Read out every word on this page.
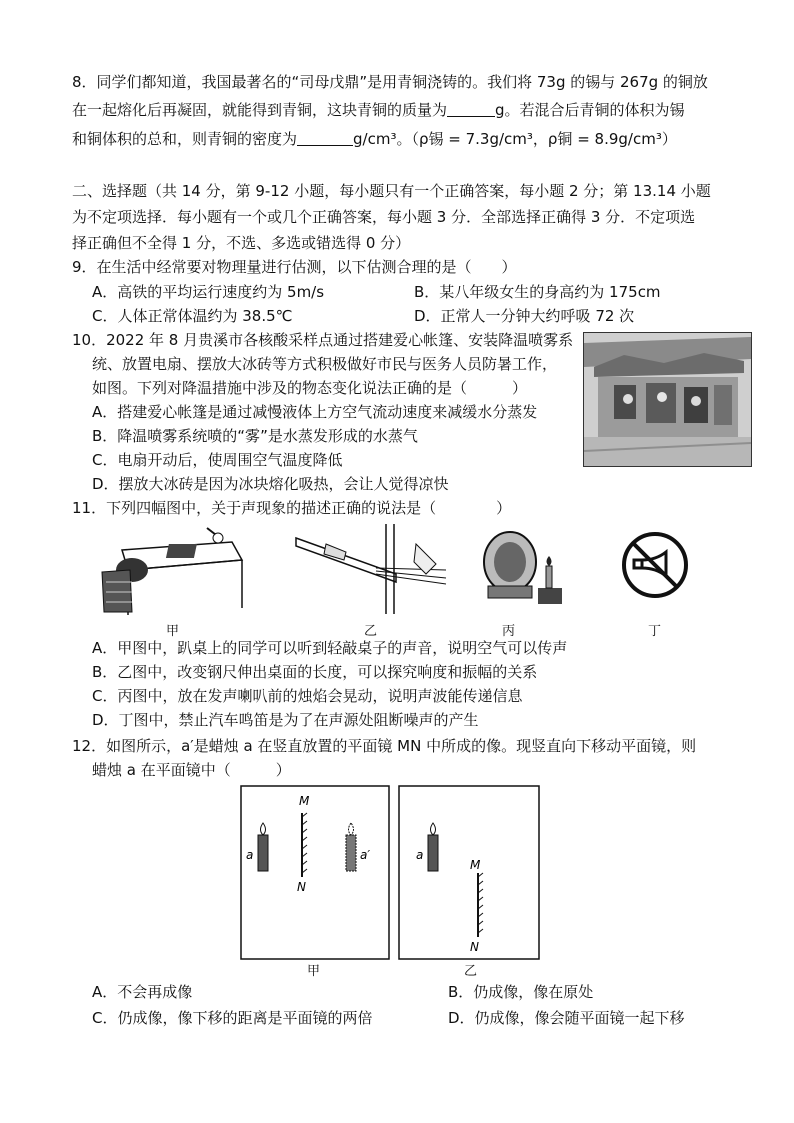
8．同学们都知道，我国最著名的“司母戊鼎”是用青铜浇铸的。我们将 73g 的锡与 267g 的铜放
在一起熔化后再凝固，就能得到青铜，这块青铜的质量为	g。若混合后青铜的体积为锡
和铜体积的总和，则青铜的密度为	g/cm³。（ρ锡 = 7.3g/cm³，ρ铜 = 8.9g/cm³）
二、选择题（共 14 分，第 9-12 小题，每小题只有一个正确答案，每小题 2 分；第 13.14 小题
为不定项选择．每小题有一个或几个正确答案，每小题 3 分．全部选择正确得 3 分．不定项选
择正确但不全得 1 分，不选、多选或错选得 0 分）
9．在生活中经常要对物理量进行估测，以下估测合理的是（　　）
A．高铁的平均运行速度约为 5m/s	B．某八年级女生的身高约为 175cm
C．人体正常体温约为 38.5℃	D．正常人一分钟大约呼吸 72 次
10．2022 年 8 月贵溪市各核酸采样点通过搭建爱心帐篷、安装降温喷雾系
统、放置电扇、摆放大冰砖等方式积极做好市民与医务人员防暑工作，
如图。下列对降温措施中涉及的物态变化说法正确的是（　　　）
A．搭建爱心帐篷是通过减慢液体上方空气流动速度来减缓水分蒸发
B．降温喷雾系统喷的“雾”是水蒸发形成的水蒸气
C．电扇开动后，使周围空气温度降低
D．摆放大冰砖是因为冰块熔化吸热，会让人觉得凉快
11．下列四幅图中，关于声现象的描述正确的说法是（　　　　）
甲	乙	丙	丁
A．甲图中，趴桌上的同学可以听到轻敲桌子的声音，说明空气可以传声
B．乙图中，改变钢尺伸出桌面的长度，可以探究响度和振幅的关系
C．丙图中，放在发声喇叭前的烛焰会晃动，说明声波能传递信息
D．丁图中，禁止汽车鸣笛是为了在声源处阻断噪声的产生
12．如图所示，a′是蜡烛 a 在竖直放置的平面镜 MN 中所成的像。现竖直向下移动平面镜，则
蜡烛 a 在平面镜中（　　　）
M
N
a	a′
甲
M
N
a
乙
A．不会再成像	B．仍成像，像在原处
C．仍成像，像下移的距离是平面镜的两倍	D．仍成像，像会随平面镜一起下移
